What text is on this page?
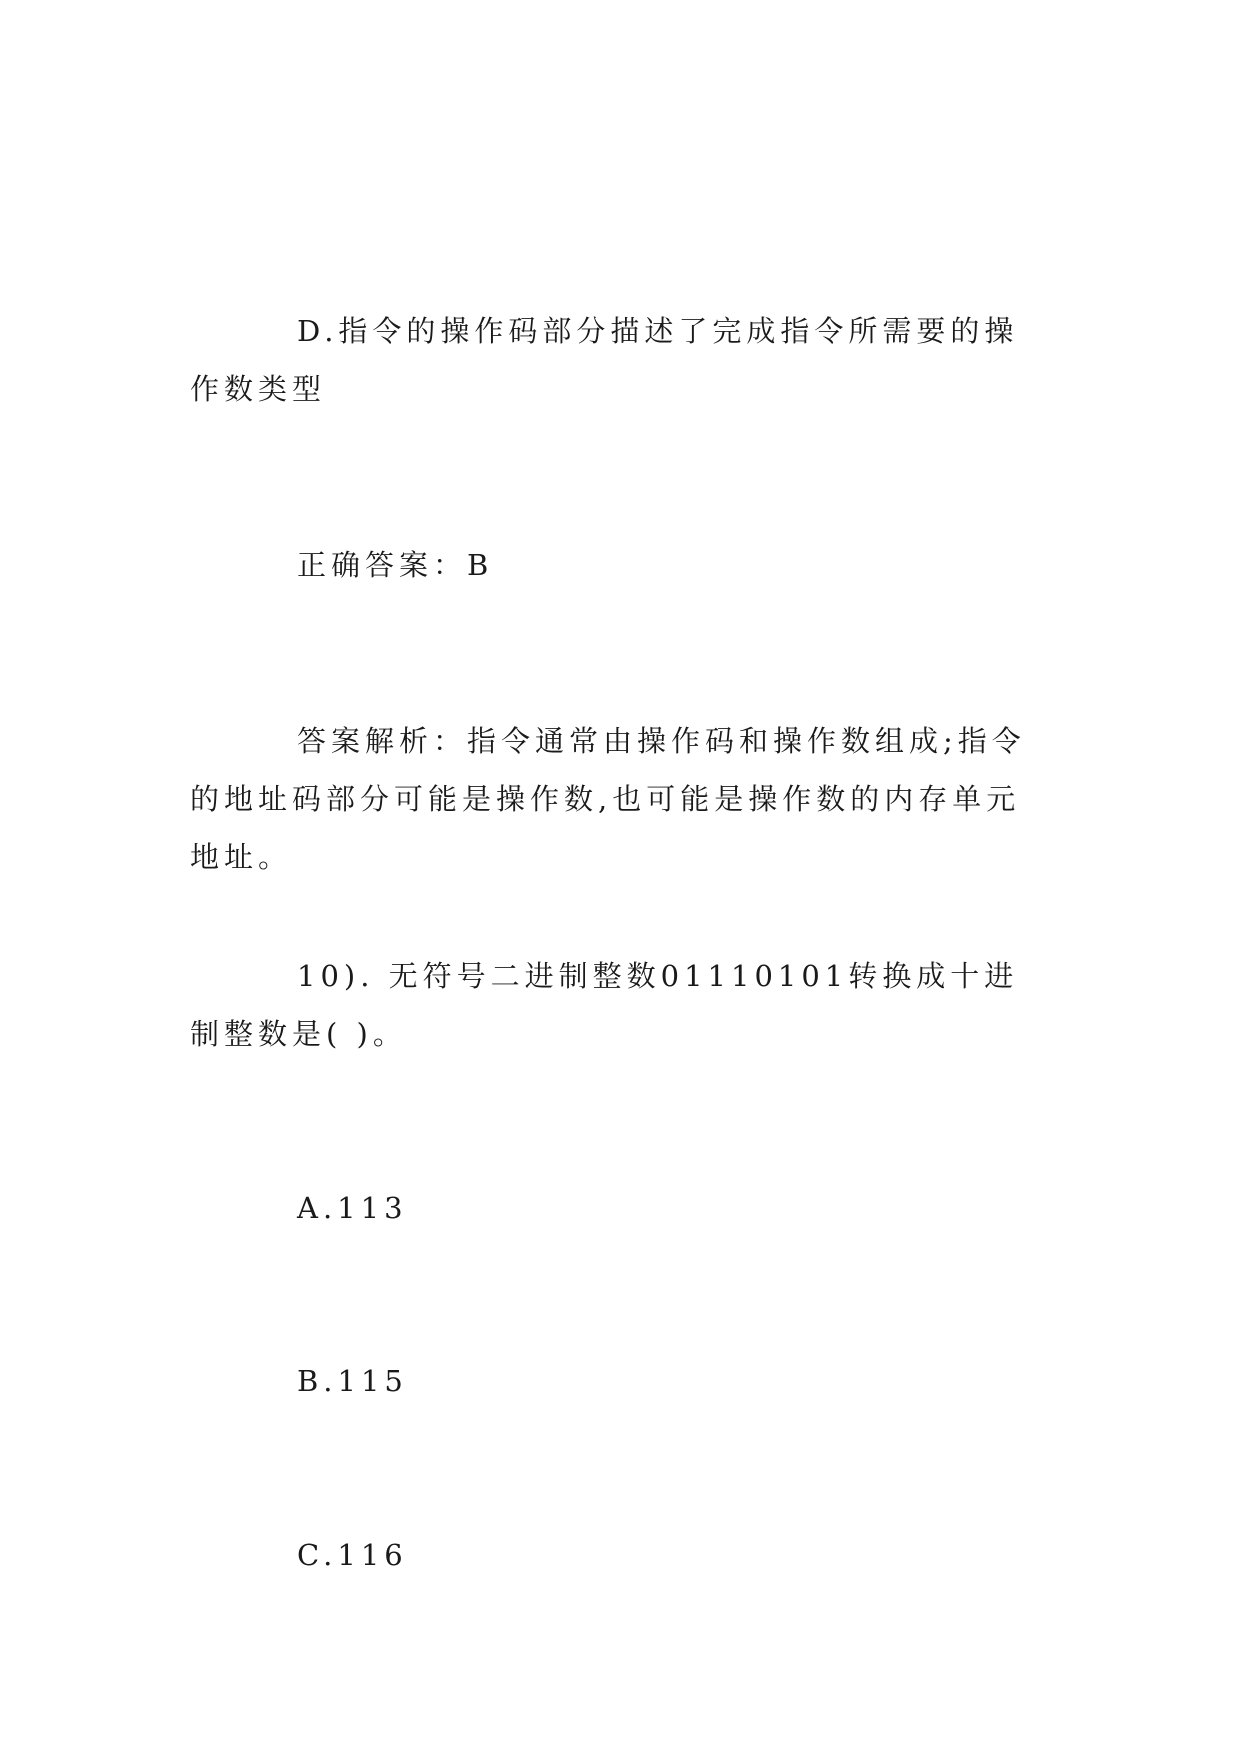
D.指令的操作码部分描述了完成指令所需要的操作数类型

正确答案：B

答案解析：指令通常由操作码和操作数组成;指令的地址码部分可能是操作数,也可能是操作数的内存单元地址。

10). 无符号二进制整数01110101转换成十进制整数是( )。

A.113

B.115

C.116
